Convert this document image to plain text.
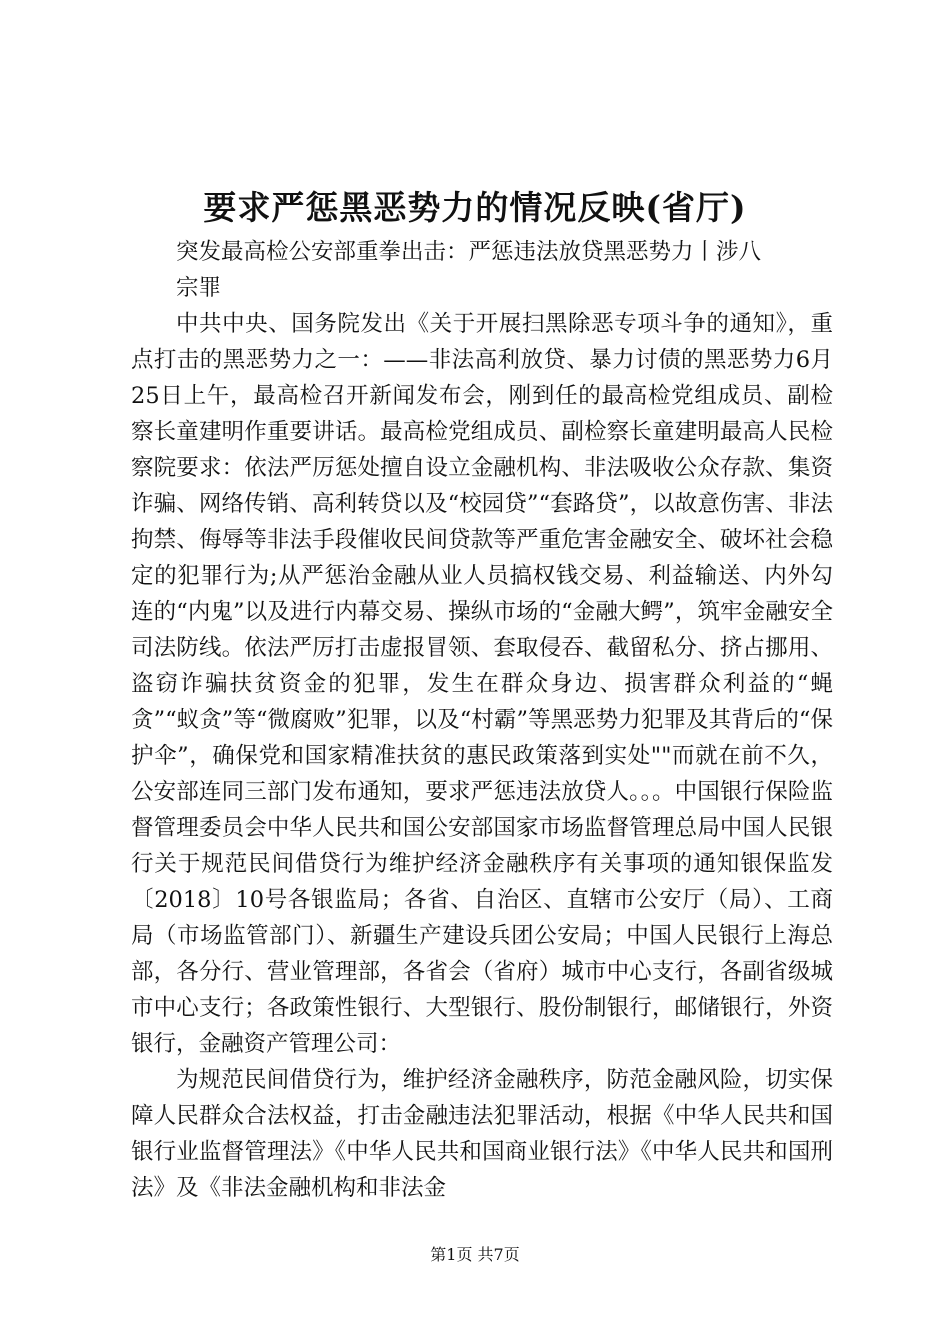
要求严惩黑恶势力的情况反映(省厅)

突发最高检公安部重拳出击：严惩违法放贷黑恶势力丨涉八

宗罪

中共中央、国务院发出《关于开展扫黑除恶专项斗争的通知》，重点打击的黑恶势力之一：——非法高利放贷、暴力讨债的黑恶势力6月25日上午，最高检召开新闻发布会，刚到任的最高检党组成员、副检察长童建明作重要讲话。最高检党组成员、副检察长童建明最高人民检察院要求：依法严厉惩处擅自设立金融机构、非法吸收公众存款、集资诈骗、网络传销、高利转贷以及“校园贷”“套路贷”，以故意伤害、非法拘禁、侮辱等非法手段催收民间贷款等严重危害金融安全、破坏社会稳定的犯罪行为;从严惩治金融从业人员搞权钱交易、利益输送、内外勾连的“内鬼”以及进行内幕交易、操纵市场的“金融大鳄”，筑牢金融安全司法防线。依法严厉打击虚报冒领、套取侵吞、截留私分、挤占挪用、盗窃诈骗扶贫资金的犯罪，发生在群众身边、损害群众利益的“蝇贪”“蚁贪”等“微腐败”犯罪，以及“村霸”等黑恶势力犯罪及其背后的“保护伞”，确保党和国家精准扶贫的惠民政策落到实处""而就在前不久，公安部连同三部门发布通知，要求严惩违法放贷人。。。中国银行保险监督管理委员会中华人民共和国公安部国家市场监督管理总局中国人民银行关于规范民间借贷行为维护经济金融秩序有关事项的通知银保监发〔2018〕10号各银监局；各省、自治区、直辖市公安厅（局）、工商局（市场监管部门）、新疆生产建设兵团公安局；中国人民银行上海总部，各分行、营业管理部，各省会（省府）城市中心支行，各副省级城市中心支行；各政策性银行、大型银行、股份制银行，邮储银行，外资银行，金融资产管理公司：

为规范民间借贷行为，维护经济金融秩序，防范金融风险，切实保障人民群众合法权益，打击金融违法犯罪活动，根据《中华人民共和国银行业监督管理法》《中华人民共和国商业银行法》《中华人民共和国刑法》及《非法金融机构和非法金

第1页 共7页
